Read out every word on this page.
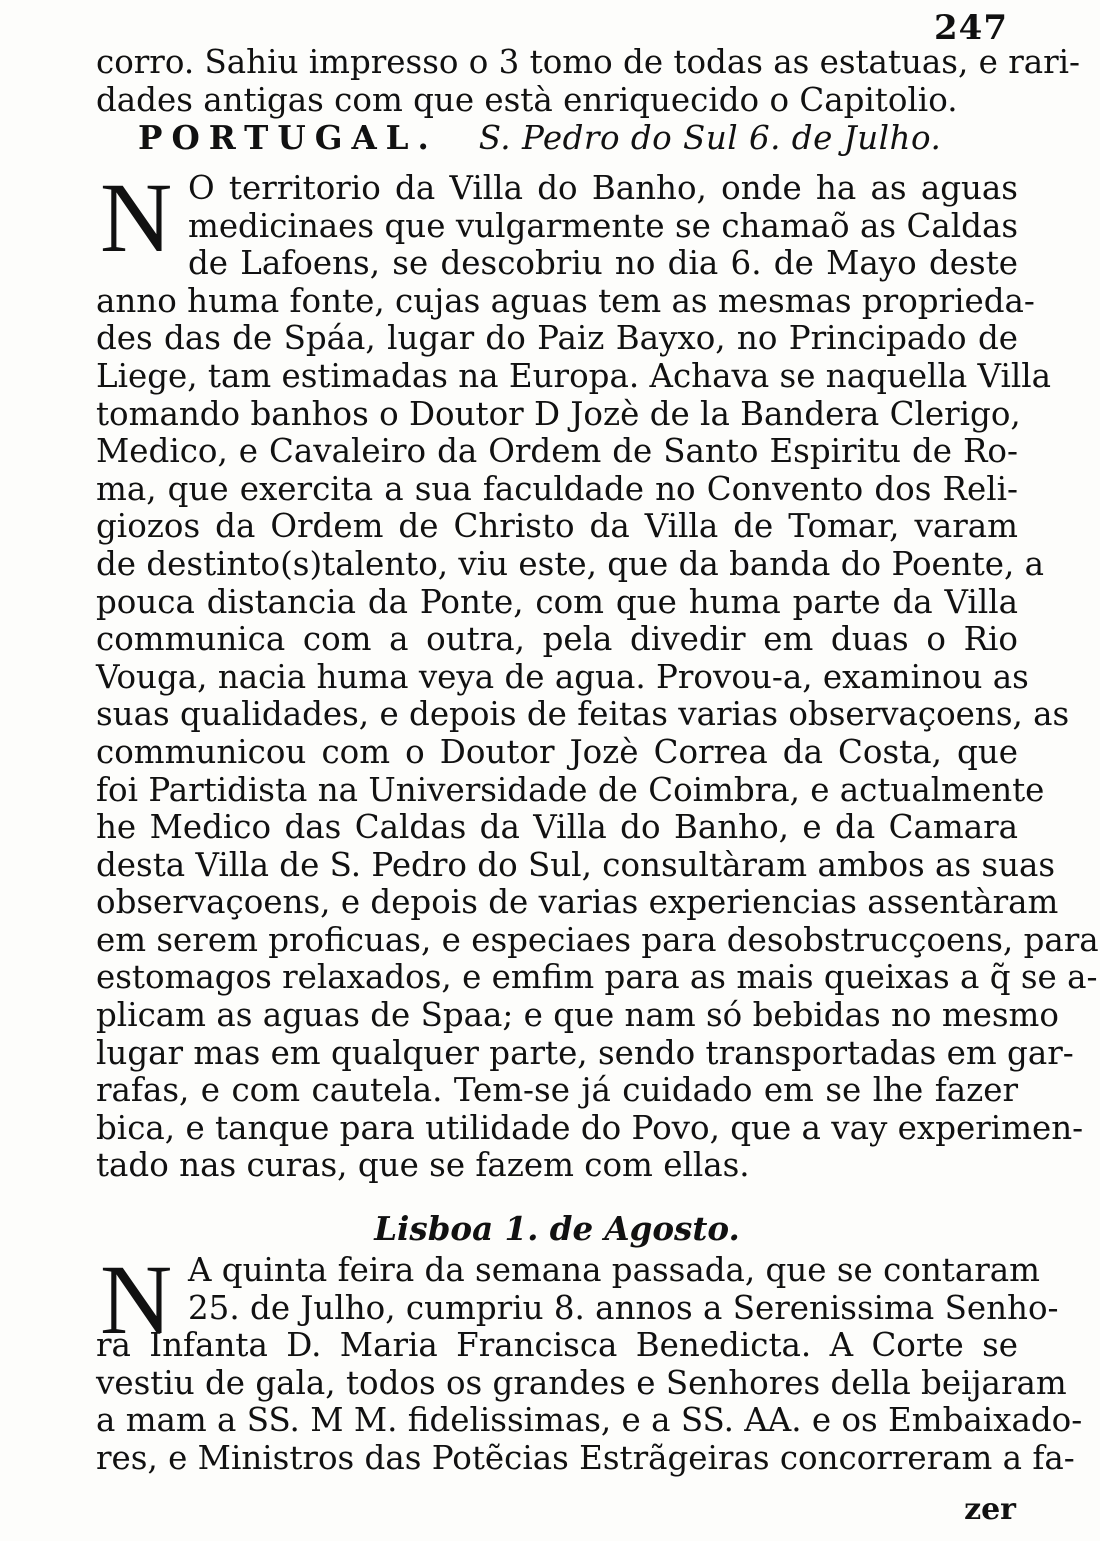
247
corro. Sahiu impresso o 3 tomo de todas as estatuas, e rari-
dades antigas com que està enriquecido o Capitolio.
PORTUGAL. S. Pedro do Sul 6. de Julho.
N O territorio da Villa do Banho, onde ha as aguas
medicinaes que vulgarmente se chamaõ as Caldas
de Lafoens, se descobriu no dia 6. de Mayo deste
anno huma fonte, cujas aguas tem as mesmas proprieda-
des das de Spáa, lugar do Paiz Bayxo, no Principado de
Liege, tam estimadas na Europa. Achava se naquella Villa
tomando banhos o Doutor D Jozè de la Bandera Clerigo,
Medico, e Cavaleiro da Ordem de Santo Espiritu de Ro-
ma, que exercita a sua faculdade no Convento dos Reli-
giozos da Ordem de Christo da Villa de Tomar, varam
de destinto(s)talento, viu este, que da banda do Poente, a
pouca distancia da Ponte, com que huma parte da Villa
communica com a outra, pela divedir em duas o Rio
Vouga, nacia huma veya de agua. Provou-a, examinou as
suas qualidades, e depois de feitas varias observaçoens, as
communicou com o Doutor Jozè Correa da Costa, que
foi Partidista na Universidade de Coimbra, e actualmente
he Medico das Caldas da Villa do Banho, e da Camara
desta Villa de S. Pedro do Sul, consultàram ambos as suas
observaçoens, e depois de varias experiencias assentàram
em serem proficuas, e especiaes para desobstrucçoens, para
estomagos relaxados, e emfim para as mais queixas a q̃ se a-
plicam as aguas de Spaa; e que nam só bebidas no mesmo
lugar mas em qualquer parte, sendo transportadas em gar-
rafas, e com cautela. Tem-se já cuidado em se lhe fazer
bica, e tanque para utilidade do Povo, que a vay experimen-
tado nas curas, que se fazem com ellas.
Lisboa 1. de Agosto.
N A quinta feira da semana passada, que se contaram
25. de Julho, cumpriu 8. annos a Serenissima Senho-
ra Infanta D. Maria Francisca Benedicta. A Corte se
vestiu de gala, todos os grandes e Senhores della beijaram
a mam a SS. M M. fidelissimas, e a SS. AA. e os Embaixado-
res, e Ministros das Potẽcias Estrãgeiras concorreram a fa-
zer
